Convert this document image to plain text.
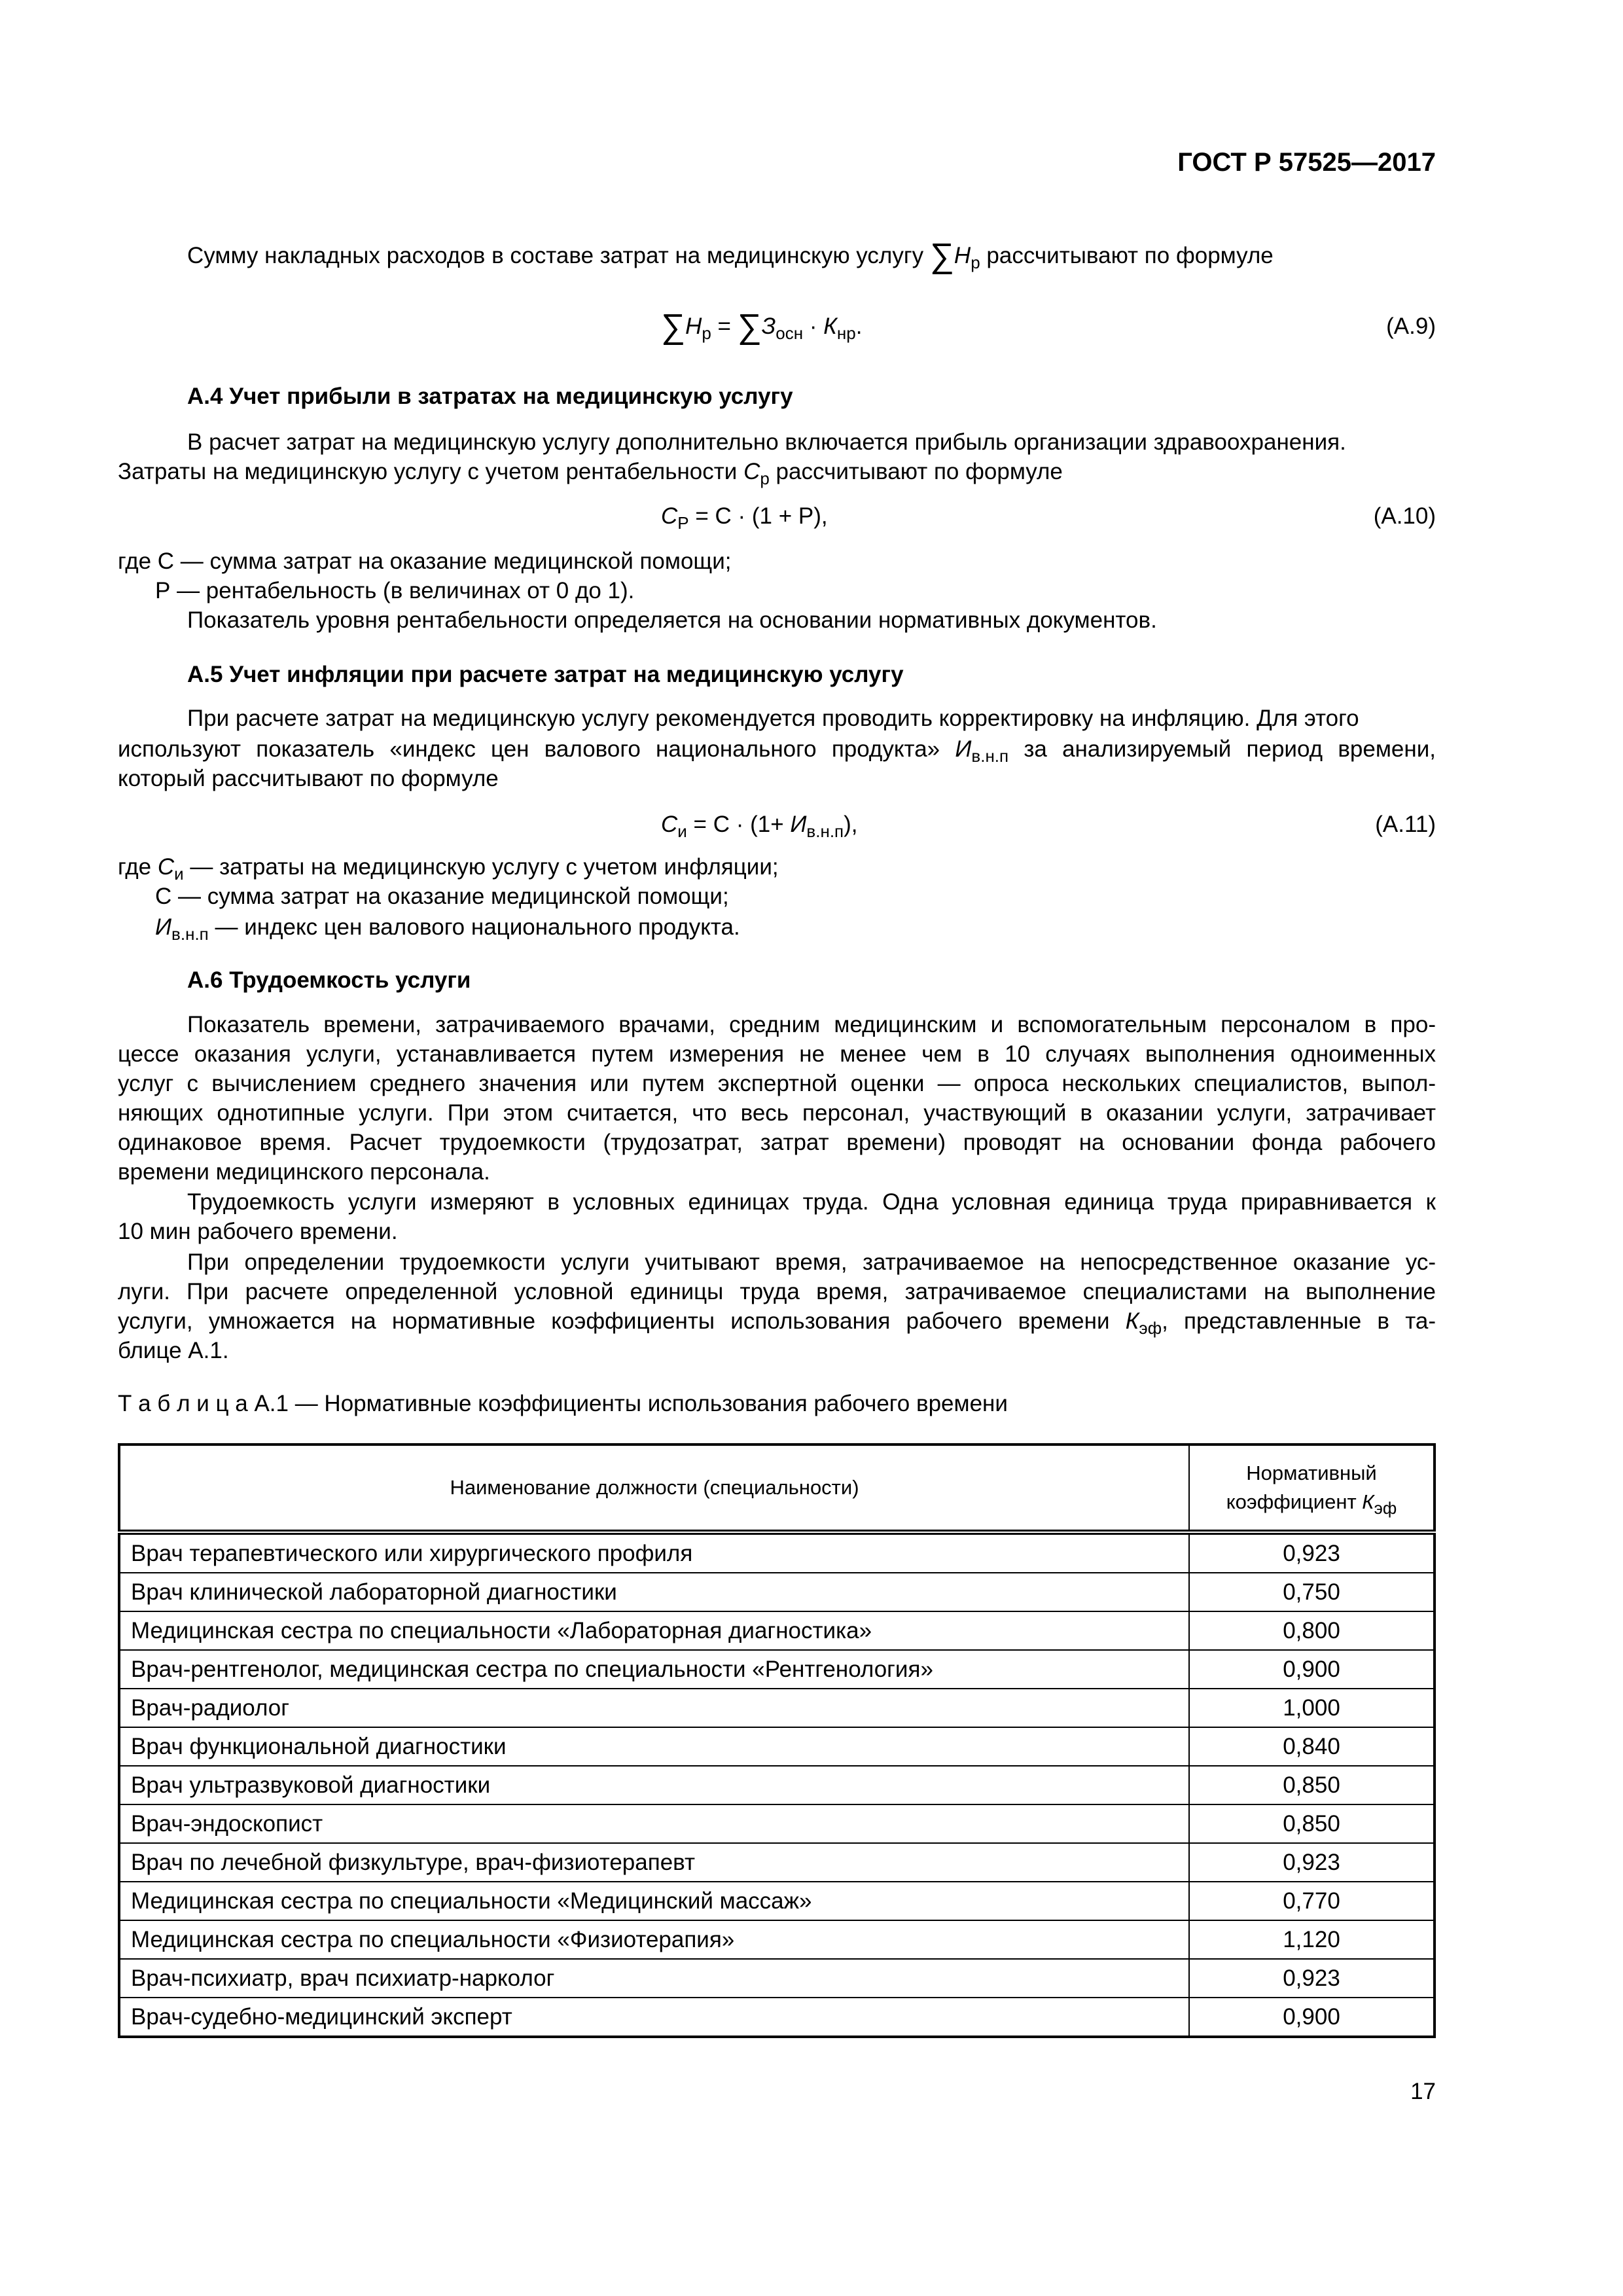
ГОСТ Р 57525—2017
Сумму накладных расходов в составе затрат на медицинскую услугу $\sum Н_р$ рассчитывают по формуле
$\sum Н_р = \sum З_{осн} \cdot К_{нр}$.	(А.9)
А.4 Учет прибыли в затратах на медицинскую услугу
В расчет затрат на медицинскую услугу дополнительно включается прибыль организации здравоохранения.
Затраты на медицинскую услугу с учетом рентабельности $С_р$ рассчитывают по формуле
$С_Р = С \cdot (1 + Р)$,	(А.10)
где С — сумма затрат на оказание медицинской помощи;
Р — рентабельность (в величинах от 0 до 1).
Показатель уровня рентабельности определяется на основании нормативных документов.
А.5 Учет инфляции при расчете затрат на медицинскую услугу
При расчете затрат на медицинскую услугу рекомендуется проводить корректировку на инфляцию. Для этого
используют показатель «индекс цен валового национального продукта» $И_{в.н.п}$ за анализируемый период времени,
который рассчитывают по формуле
$С_и = С \cdot (1+ И_{в.н.п})$,	(А.11)
где $С_и$ — затраты на медицинскую услугу с учетом инфляции;
С — сумма затрат на оказание медицинской помощи;
$И_{в.н.п}$ — индекс цен валового национального продукта.
А.6 Трудоемкость услуги
Показатель времени, затрачиваемого врачами, средним медицинским и вспомогательным персоналом в про-
цессе оказания услуги, устанавливается путем измерения не менее чем в 10 случаях выполнения одноименных
услуг с вычислением среднего значения или путем экспертной оценки — опроса нескольких специалистов, выпол-
няющих однотипные услуги. При этом считается, что весь персонал, участвующий в оказании услуги, затрачивает
одинаковое время. Расчет трудоемкости (трудозатрат, затрат времени) проводят на основании фонда рабочего
времени медицинского персонала.
Трудоемкость услуги измеряют в условных единицах труда. Одна условная единица труда приравнивается к
10 мин рабочего времени.
При определении трудоемкости услуги учитывают время, затрачиваемое на непосредственное оказание ус-
луги. При расчете определенной условной единицы труда время, затрачиваемое специалистами на выполнение
услуги, умножается на нормативные коэффициенты использования рабочего времени $К_{эф}$, представленные в та-
блице А.1.
Т а б л и ц а А.1 — Нормативные коэффициенты использования рабочего времени
Наименование должности (специальности)	Нормативный
коэффициент $К_{эф}$
Врач терапевтического или хирургического профиля	0,923
Врач клинической лабораторной диагностики	0,750
Медицинская сестра по специальности «Лабораторная диагностика»	0,800
Врач-рентгенолог, медицинская сестра по специальности «Рентгенология»	0,900
Врач-радиолог	1,000
Врач функциональной диагностики	0,840
Врач ультразвуковой диагностики	0,850
Врач-эндоскопист	0,850
Врач по лечебной физкультуре, врач-физиотерапевт	0,923
Медицинская сестра по специальности «Медицинский массаж»	0,770
Медицинская сестра по специальности «Физиотерапия»	1,120
Врач-психиатр, врач психиатр-нарколог	0,923
Врач-судебно-медицинский эксперт	0,900
17
